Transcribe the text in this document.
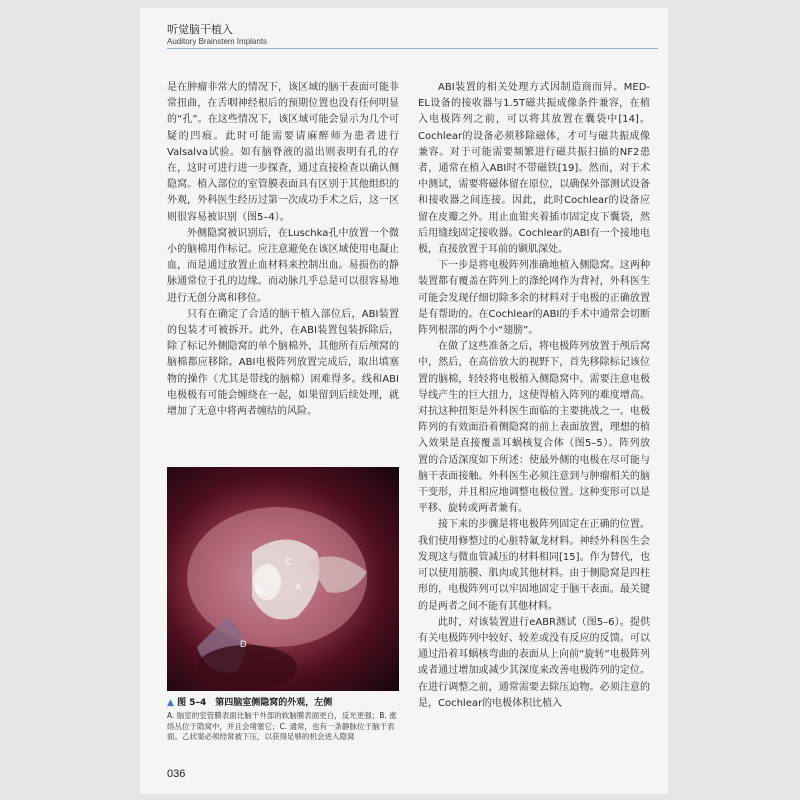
听觉脑干植入
Auditory Brainstem Implants

是在肿瘤非常大的情况下，该区域的脑干表面可能非常扭曲，在舌咽神经根后的预期位置也没有任何明显的“孔”。在这些情况下，该区域可能会显示为几个可疑的凹痕。此时可能需要请麻醉师为患者进行Valsalva试验。如有脑脊液的溢出则表明有孔的存在，这时可进行进一步探查，通过直接检查以确认侧隐窝。植入部位的室管膜表面具有区别于其他组织的外观，外科医生经历过第一次成功手术之后，这一区则很容易被识别（图5–4）。

外侧隐窝被识别后，在Luschka孔中放置一个微小的脑棉用作标记。应注意避免在该区域使用电凝止血，而是通过放置止血材料来控制出血。易损伤的静脉通常位于孔的边缘。而动脉几乎总是可以很容易地进行无创分离和移位。

只有在确定了合适的脑干植入部位后，ABI装置的包装才可被拆开。此外，在ABI装置包装拆除后，除了标记外侧隐窝的单个脑棉外，其他所有后颅窝的脑棉都应移除。ABI电极阵列放置完成后，取出填塞物的操作（尤其是带线的脑棉）困难得多。线和ABI电极极有可能会缠绕在一起，如果留到后续处理，就增加了无意中将两者缠结的风险。

C
B	A
D
▲ 图 5–4　第四脑室侧隐窝的外观，左侧
A. 脑室的室管膜表面比脑干外部的软脑膜表面更白，反光更强；B. 涨络丛位于隐窝中，并且会堵塞它；C. 通常，也有一条静脉位于脑干表面。乙状窦必须经常被下压，以获得足够的机会进入隐窝

ABI装置的相关处理方式因制造商而异。MED-EL设备的接收器与1.5T磁共振成像条件兼容，在植入电极阵列之前，可以将其放置在囊袋中[14]。Cochlear的设备必须移除磁体，才可与磁共振成像兼容。对于可能需要频繁进行磁共振扫描的NF2患者，通常在植入ABI时不带磁铁[19]。然而，对于术中测试，需要将磁体留在原位，以确保外部测试设备和接收器之间连接。因此，此时Cochlear的设备应留在皮瓣之外。用止血钳夹着插市固定皮下囊袋，然后用缝线固定接收器。Cochlear的ABI有一个接地电极，直接放置于耳前的颞肌深处。

下一步是将电极阵列准确地植入侧隐窝。这两种装置都有覆盖在阵列上的涤纶网作为背衬，外科医生可能会发现仔细切除多余的材料对于电极的正确放置是有帮助的。在Cochlear的ABI的手术中通常会切断阵列根部的两个小“翅膀”。

在做了这些准备之后，将电极阵列放置于颅后窝中，然后，在高倍放大的视野下，首先移除标记该位置的脑棉，轻轻将电极植入侧隐窝中。需要注意电极导线产生的巨大扭力，这使得植入阵列的难度增高。对抗这种扭矩是外科医生面临的主要挑战之一。电极阵列的有效面沿着侧隐窝的前上表面放置，理想的植入效果是直接覆盖耳蜗核复合体（图5–5）。阵列放置的合适深度如下所述：使最外侧的电极在尽可能与脑干表面接触。外科医生必须注意到与肿瘤相关的脑干变形，并且相应地调整电极位置。这种变形可以是平移、旋转或两者兼有。

接下来的步骤是将电极阵列固定在正确的位置。我们使用修整过的心脏特氟龙材料。神经外科医生会发现这与微血管减压的材料相同[15]。作为替代，也可以使用筋膜、肌肉或其他材料。由于侧隐窝是四柱形的，电极阵列可以牢固地固定于脑干表面。最关键的是两者之间不能有其他材料。

此时，对该装置进行eABR测试（图5–6）。提供有关电极阵列中较好、较差或没有反应的反馈。可以通过沿着耳蜗核弯曲的表面从上向前“旋转”电极阵列或者通过增加或减少其深度来改善电极阵列的定位。在进行调整之前，通常需要去除压迫物。必须注意的是，Cochlear的电极体积比植入

036
